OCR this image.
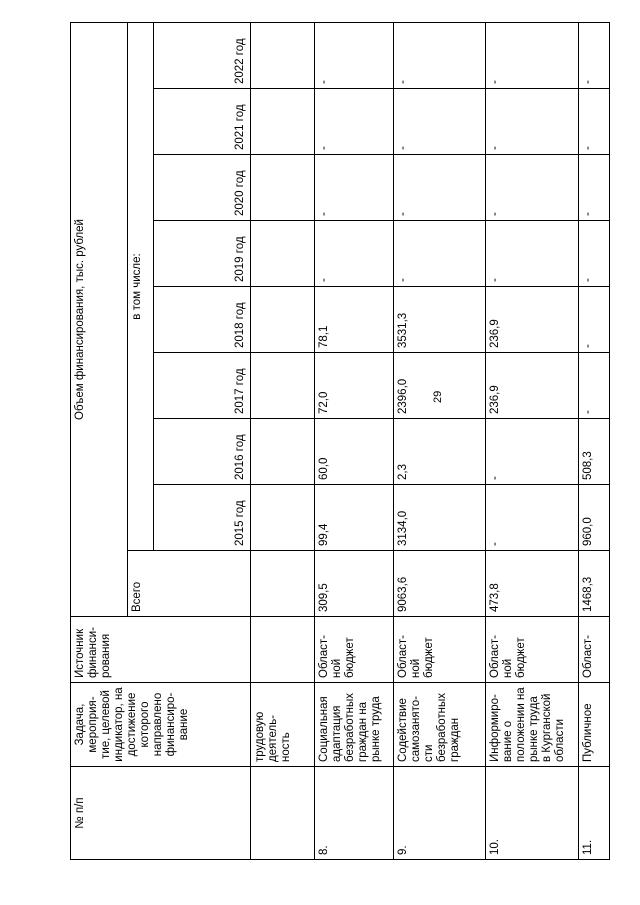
29
№ п/п	Задача, мероприя-тие, целевой индикатор, на достижение которого направлено финансиро-вание	Источник финанси-рования	Объем финансирования, тыс. рублей								
			Всего	в том числе:							
				2015 год	2016 год	2017 год	2018 год	2019 год	2020 год	2021 год	2022 год
	трудовую деятель-ность										
8.	Социальная адаптация безработных граждан на рынке труда	Област-ной бюджет	309,5	99,4	60,0	72,0	78,1	-	-	-	-
9.	Содействие самозанято-сти безработных граждан	Област-ной бюджет	9063,6	3134,0	2,3	2396,0	3531,3	-	-	-	-
10.	Информиро-вание о положении на рынке труда в Курганской области	Област-ной бюджет	473,8	-	-	236,9	236,9	-	-	-	-
11.	Публичное	Област-	1468,3	960,0	508,3	-	-	-	-	-	-
